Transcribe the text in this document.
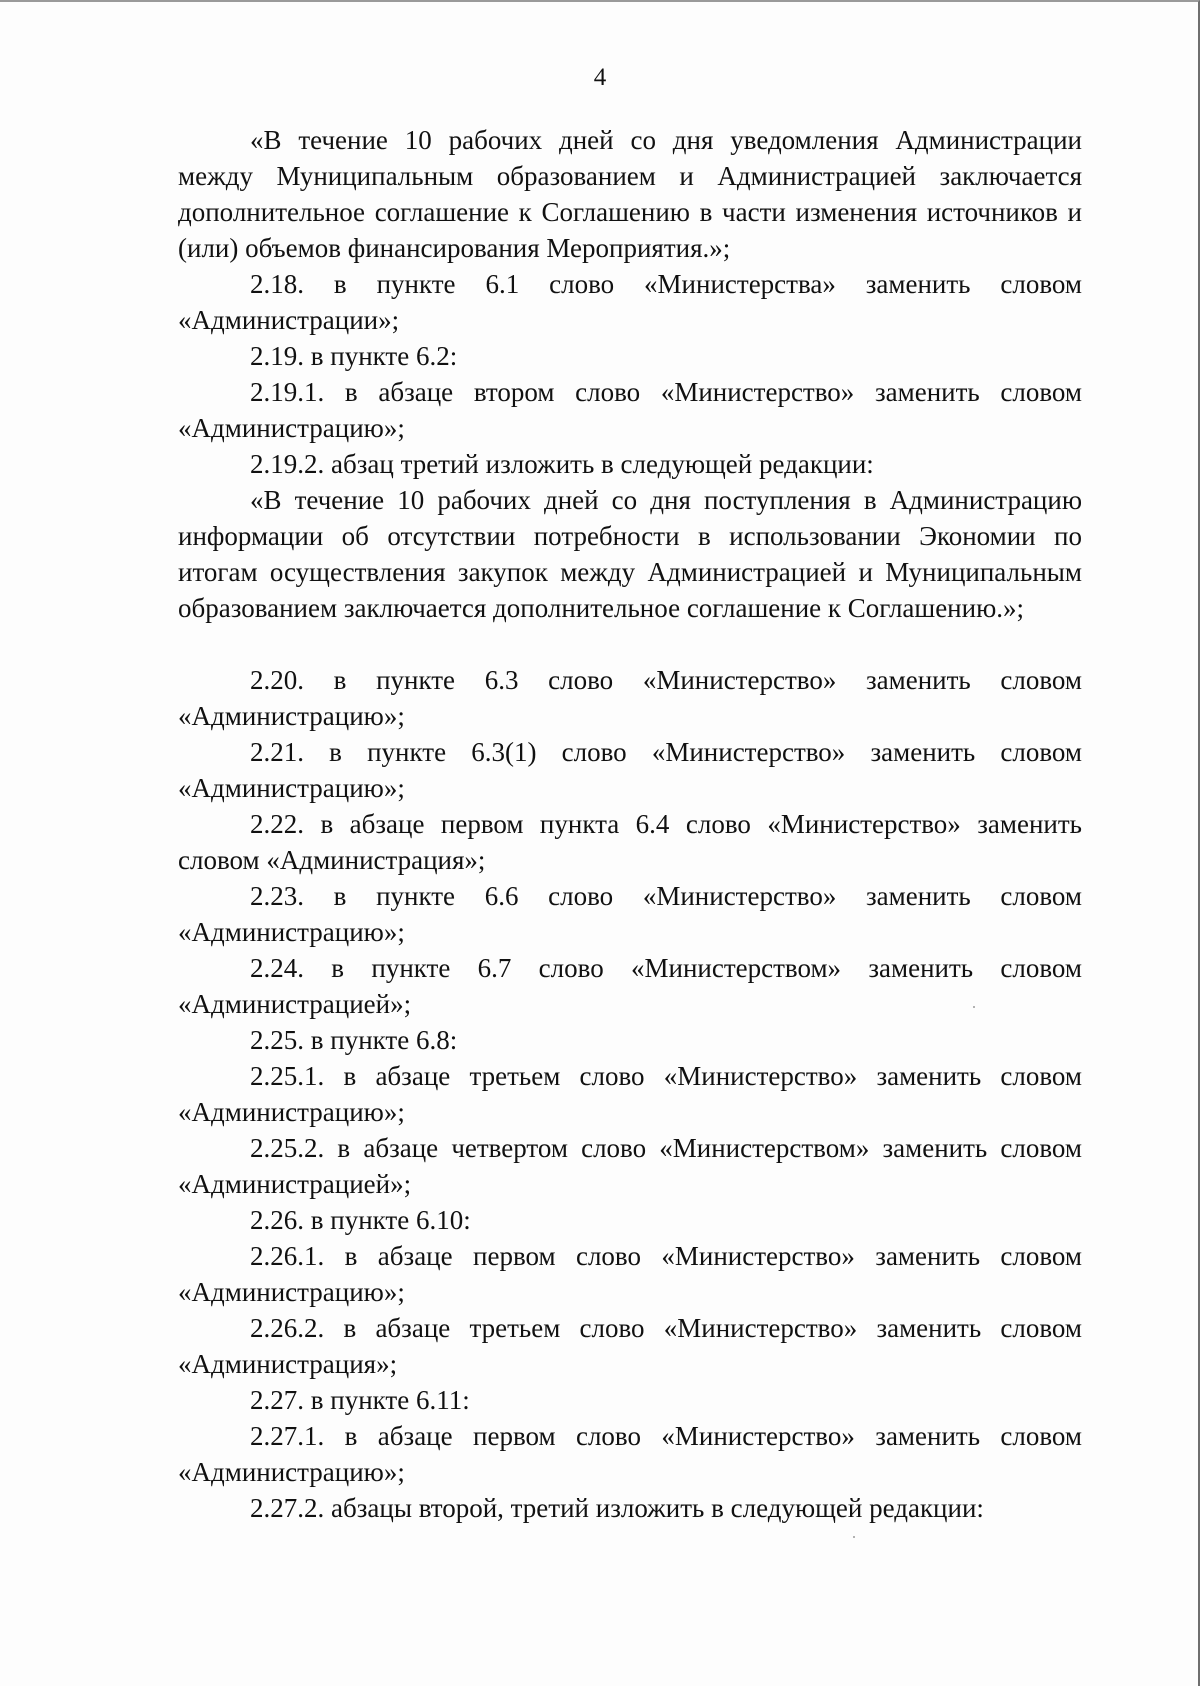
4

«В течение 10 рабочих дней со дня уведомления Администрации между Муниципальным образованием и Администрацией заключается дополнительное соглашение к Соглашению в части изменения источников и (или) объемов финансирования Мероприятия.»;

2.18. в пункте 6.1 слово «Министерства» заменить словом «Администрации»;

2.19. в пункте 6.2:

2.19.1. в абзаце втором слово «Министерство» заменить словом «Администрацию»;

2.19.2. абзац третий изложить в следующей редакции:

«В течение 10 рабочих дней со дня поступления в Администрацию информации об отсутствии потребности в использовании Экономии по итогам осуществления закупок между Администрацией и Муниципальным образованием заключается дополнительное соглашение к Соглашению.»;

2.20. в пункте 6.3 слово «Министерство» заменить словом «Администрацию»;

2.21. в пункте 6.3(1) слово «Министерство» заменить словом «Администрацию»;

2.22. в абзаце первом пункта 6.4 слово «Министерство» заменить словом «Администрация»;

2.23. в пункте 6.6 слово «Министерство» заменить словом «Администрацию»;

2.24. в пункте 6.7 слово «Министерством» заменить словом «Администрацией»;

2.25. в пункте 6.8:

2.25.1. в абзаце третьем слово «Министерство» заменить словом «Администрацию»;

2.25.2. в абзаце четвертом слово «Министерством» заменить словом «Администрацией»;

2.26. в пункте 6.10:

2.26.1. в абзаце первом слово «Министерство» заменить словом «Администрацию»;

2.26.2. в абзаце третьем слово «Министерство» заменить словом «Администрация»;

2.27. в пункте 6.11:

2.27.1. в абзаце первом слово «Министерство» заменить словом «Администрацию»;

2.27.2. абзацы второй, третий изложить в следующей редакции:
